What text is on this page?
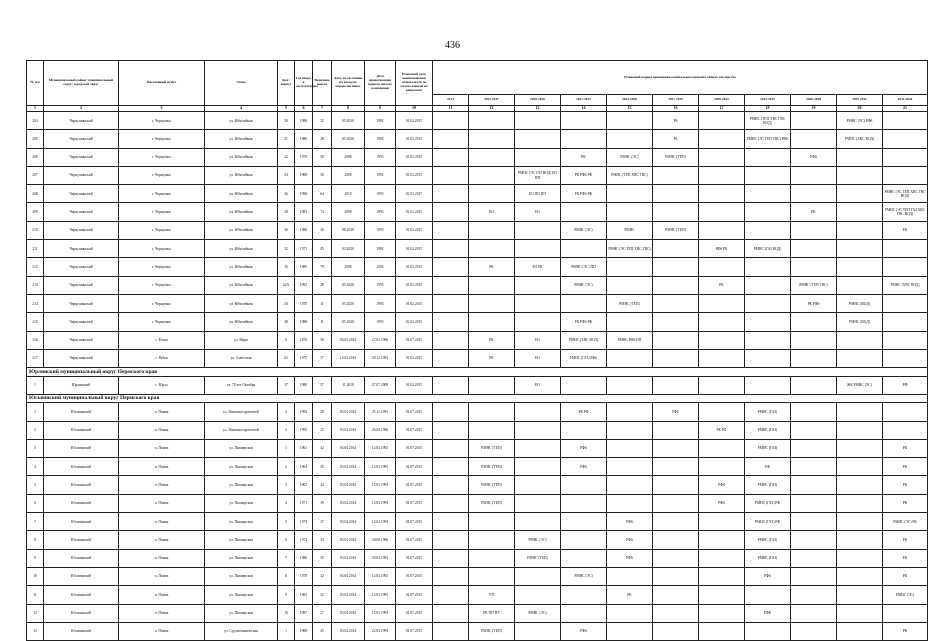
436
№ п/п	Муниципальный район/ муниципальный округ/ городской округ	Населенный пункт	Улица	Дом / корпус	Год ввода в эксплуатацию	Величина износа	Дата, на состояние на которую определен износ	Дата приватизации первого жилого помещения	Плановый срок возникновения обязательств по уплате взносов на капремонт	Плановый период проведения капитального ремонта общего имущества										
										2014	2015-2017	2018-2020	2021-2023	2024-2026	2027-2029	2030-2032	2033-2035	2036-2038	2039-2041	2042-2044
1	2	3	4	5	6	7	8	9	10	11	12	13	14	15	16	17	18	19	20	21
204	Чернушинский	г. Чернушка	ул. Юбилейная	20	1986	32	05.2020	1992	01.02.2015						Р6		РМНС (ТЕП ХВС ГВС ВОД)		РМНС (ЭС) РФ6	
205	Чернушинский	г. Чернушка	ул. Юбилейная	21	1986	28	05.2020	1994	01.02.2015						Р6		РМНС (ЭС ТЕП ГВС) РФ6		РМНС (ХВС ВОД)	
206	Чернушинский	г. Чернушка	ул. Юбилейная	22	1970	58	2008	1993	01.02.2015				РК	РМНС (ЭС)	РМНС (ТЕП)			РФ6		
207	Чернушинский	г. Чернушка	ул. Юбилейная	24	1968	50	2008	1992	01.02.2015			РМНС (ЭС ГАЗ ВОД) ЕО ПП	РК РФ6 РФ	РМНС (ТЕП ХВС ГВС)						
208	Чернушинский	г. Чернушка	ул. Юбилейная	26	1990	64	2019	1993	01.03.2017			ЕО ПП ПП	РК РФ6 РФ							РМНС (ЭС ТЕП ХВС ГВС ВОД)
209	Чернушинский	г. Чернушка	ул. Юбилейная	28	1983	74	2008	1993	01.02.2015		ЕО	ЕО						РК		РМНС (ЭС ТЕП ГАЗ ХВС ГВС ВОД)
210	Чернушинский	г. Чернушка	ул. Юбилейная	30	1988	26	08.2020	1993	01.02.2015				РМНС (ЭС)	РМНС	РМНС (ТЕП)					РК
211	Чернушинский	г. Чернушка	ул. Юбилейная	32	1971	45	03.2020	1992	01.02.2015					РМНС (ЭС ТЕП ХВС ГВС)		РФ6 РК	РМНС (ГАЗ ВОД)			
212	Чернушинский	г. Чернушка	ул. Юбилейная	36	1985	79	2008	2006	01.02.2015		РК	ЕО РК	РМНС (ЭС) ПП							
213	Чернушинский	г. Чернушка	ул. Юбилейная	22А	1992	28	05.2020	1995	01.02.2015				РМНС (ЭС)			РК		РМНС (ТЕП ГВС)		РМНС (ХВС ВОД)
214	Чернушинский	г. Чернушка	ул. Юбилейная	3А	1970	11	05.2020	1993	01.02.2015					РМНС (ТЕП)				РК РФ6	РМНС (ВОД)	
215	Чернушинский	г. Чернушка	ул. Юбилейная	38	1988	11	05.2020	1993	01.02.2015				РК РФ6 РФ						РМНС (ВОД)	
216	Чернушинский	с. Етыш	ул. Мира	6	1876	56	04.03.2014	27.03.1996	01.07.2015		РК	ЕО	РМНС (ХВС ВОД)	РМНС РФ6 ПП						
217	Чернушинский	с. Рябки	ул. Советская	62	1975	57	14.03.2014	28.12.1993	01.02.2015		РК	ЕО	РМНС (ГАЗ) РФ6							
Юрлинский муниципальный округ Пермского края																				
1	Юрлинский	с. Юрла	ул. 70 лет Октября	17	1980	57	11.2018	27.07.2008	01.02.2015			ЕО							ЖК РМНС (ЭС)	РФ
Юсьвинский муниципальный округ Пермского края																				
1	Юсьвинский	п. Пожва	ул. Машиностроителей	2	1992	28	03.04.2014	25.11.1993	01.07.2015				РК РФ		РФ6		РМНС (ГАЗ)			
2	Юсьвинский	п. Пожва	ул. Машиностроителей	3	1995	25	03.04.2014	26.09.1996	01.07.2015							РК РФ	РМНС (ГАЗ)			
3	Юсьвинский	п. Пожва	ул. Пионерская	1	1961	42	03.04.2014	12.03.1993	01.07.2015		РМНС (ТЕП)		РФ6				РМНС (ГАЗ)			РК
4	Юсьвинский	п. Пожва	ул. Пионерская	2	1964	45	03.04.2014	12.03.1993	01.07.2015		РМНС (ТЕП)		РФ6				РФ			РК
5	Юсьвинский	п. Пожва	ул. Пионерская	3	1962	42	03.04.2014	12.03.1993	01.07.2015		РМНС (ТЕП)					РФ6	РМНС (ГАЗ)			РК
6	Юсьвинский	п. Пожва	ул. Пионерская	4	1971	39	03.04.2014	12.03.1993	01.07.2015		РМНС (ТЕП)					РФ6	РМНС (ГАЗ) РФ			РК
7	Юсьвинский	п. Пожва	ул. Пионерская	5	1973	37	03.04.2014	12.03.1993	01.07.2015					РФ6			РМНС (ГАЗ) РФ			РМНС (ЭС) РК
8	Юсьвинский	п. Пожва	ул. Пионерская	6	1973	33	03.04.2014	30.08.1996	01.07.2015			РМНС (ЭС)		РФ6			РМНС (ГАЗ)			РК
9	Юсьвинский	п. Пожва	ул. Пионерская	7	1980	35	03.04.2014	29.04.1993	01.07.2015			РМНС (ТЕП)		РФ6			РМНС (ГАЗ)			РК
10	Юсьвинский	п. Пожва	ул. Пионерская	8	1978	32	03.04.2014	12.03.1993	01.07.2015				РМНС (ЭС)				РФ6			РК
11	Юсьвинский	п. Пожва	ул. Пионерская	9	1983	32	03.04.2014	12.03.1993	01.07.2015		УП			РК						РМНС (ЭС)
12	Юсьвинский	п. Пожва	ул. Пионерская	10	1987	27	03.04.2014	12.03.1993	01.07.2015		РК ПП ПУ	РМНС (ЭС)					РФК			
13	Юсьвинский	п. Пожва	ул. Судомеханическая	1	1968	45	03.04.2014	22.03.1993	01.07.2015		РМНС (ТЕП)		РФ6							РК
